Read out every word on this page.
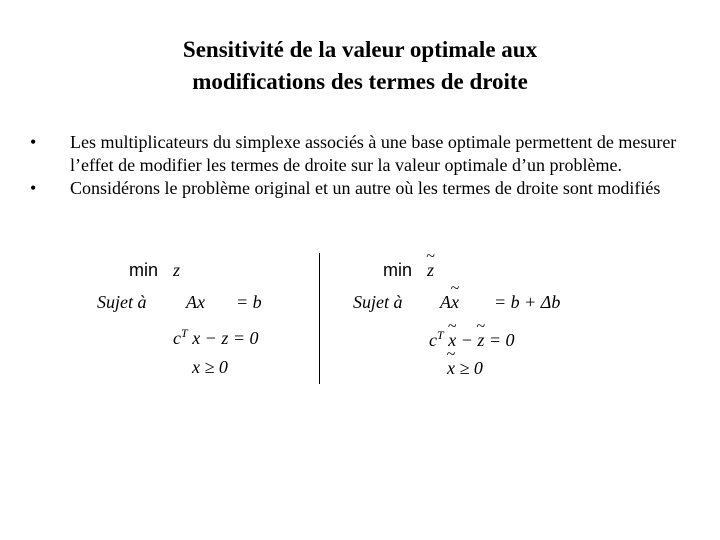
Sensitivité de la valeur optimale aux
modifications des termes de droite
• Les multiplicateurs du simplexe associés à une base optimale permettent de mesurer l’effet de modifier les termes de droite sur la valeur optimale d’un problème.
• Considérons le problème original et un autre où les termes de droite sont modifiés
min z
Sujet à Ax = b
$c^T$ x − z = 0
x ≥ 0
min ~ z
Sujet à A~ x = b + Δb
$c^T$ ~ x − ~ z = 0
~ x ≥ 0
